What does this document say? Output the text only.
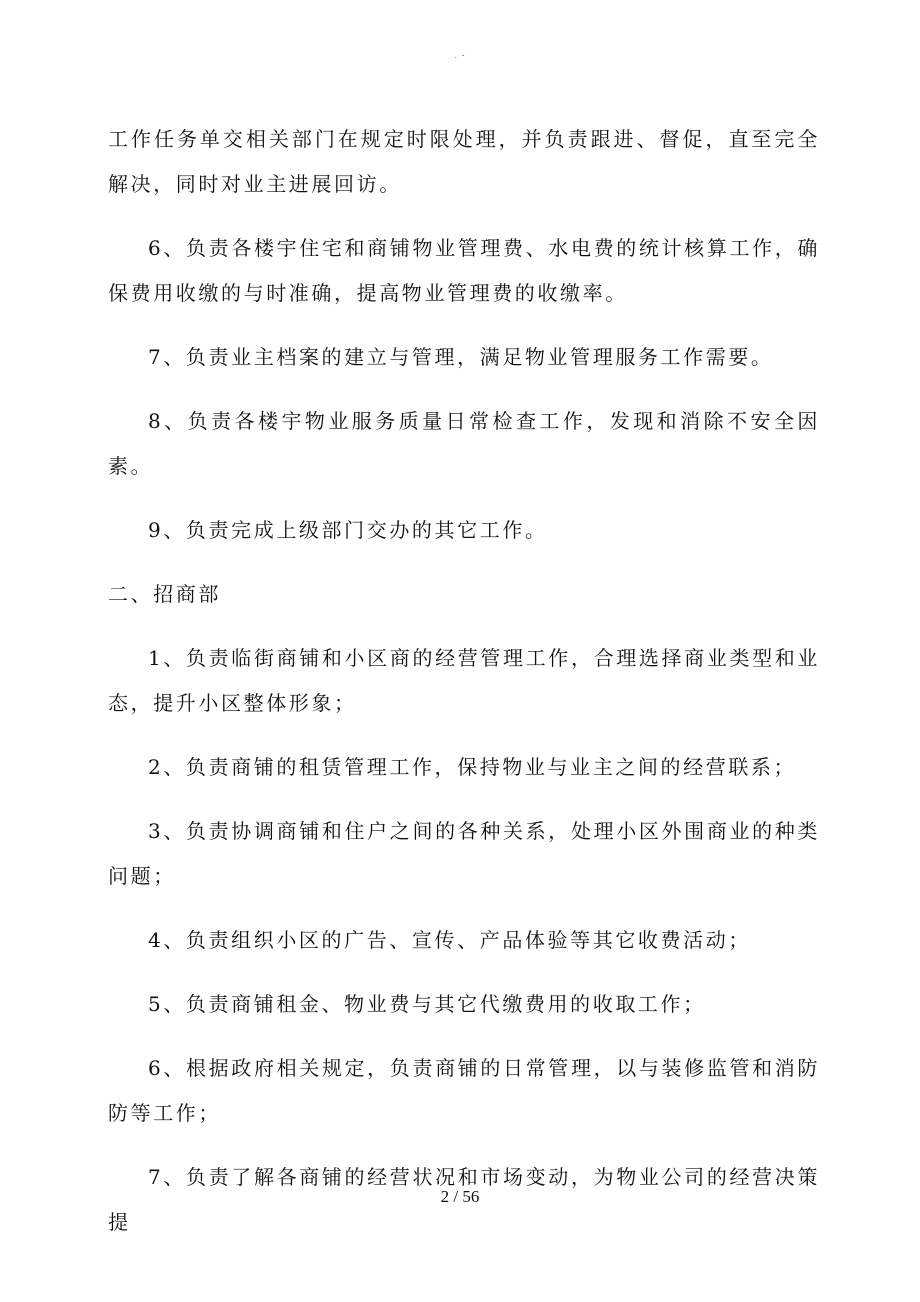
. -

工作任务单交相关部门在规定时限处理，并负责跟进、督促，直至完全解决，同时对业主进展回访。

6、负责各楼宇住宅和商铺物业管理费、水电费的统计核算工作，确保费用收缴的与时准确，提高物业管理费的收缴率。

7、负责业主档案的建立与管理，满足物业管理服务工作需要。

8、负责各楼宇物业服务质量日常检查工作，发现和消除不安全因素。

9、负责完成上级部门交办的其它工作。

二、招商部

1、负责临街商铺和小区商的经营管理工作，合理选择商业类型和业态，提升小区整体形象；

2、负责商铺的租赁管理工作，保持物业与业主之间的经营联系；

3、负责协调商铺和住户之间的各种关系，处理小区外围商业的种类问题；

4、负责组织小区的广告、宣传、产品体验等其它收费活动；

5、负责商铺租金、物业费与其它代缴费用的收取工作；

6、根据政府相关规定，负责商铺的日常管理，以与装修监管和消防防等工作；

7、负责了解各商铺的经营状况和市场变动，为物业公司的经营决策提

2 / 56
